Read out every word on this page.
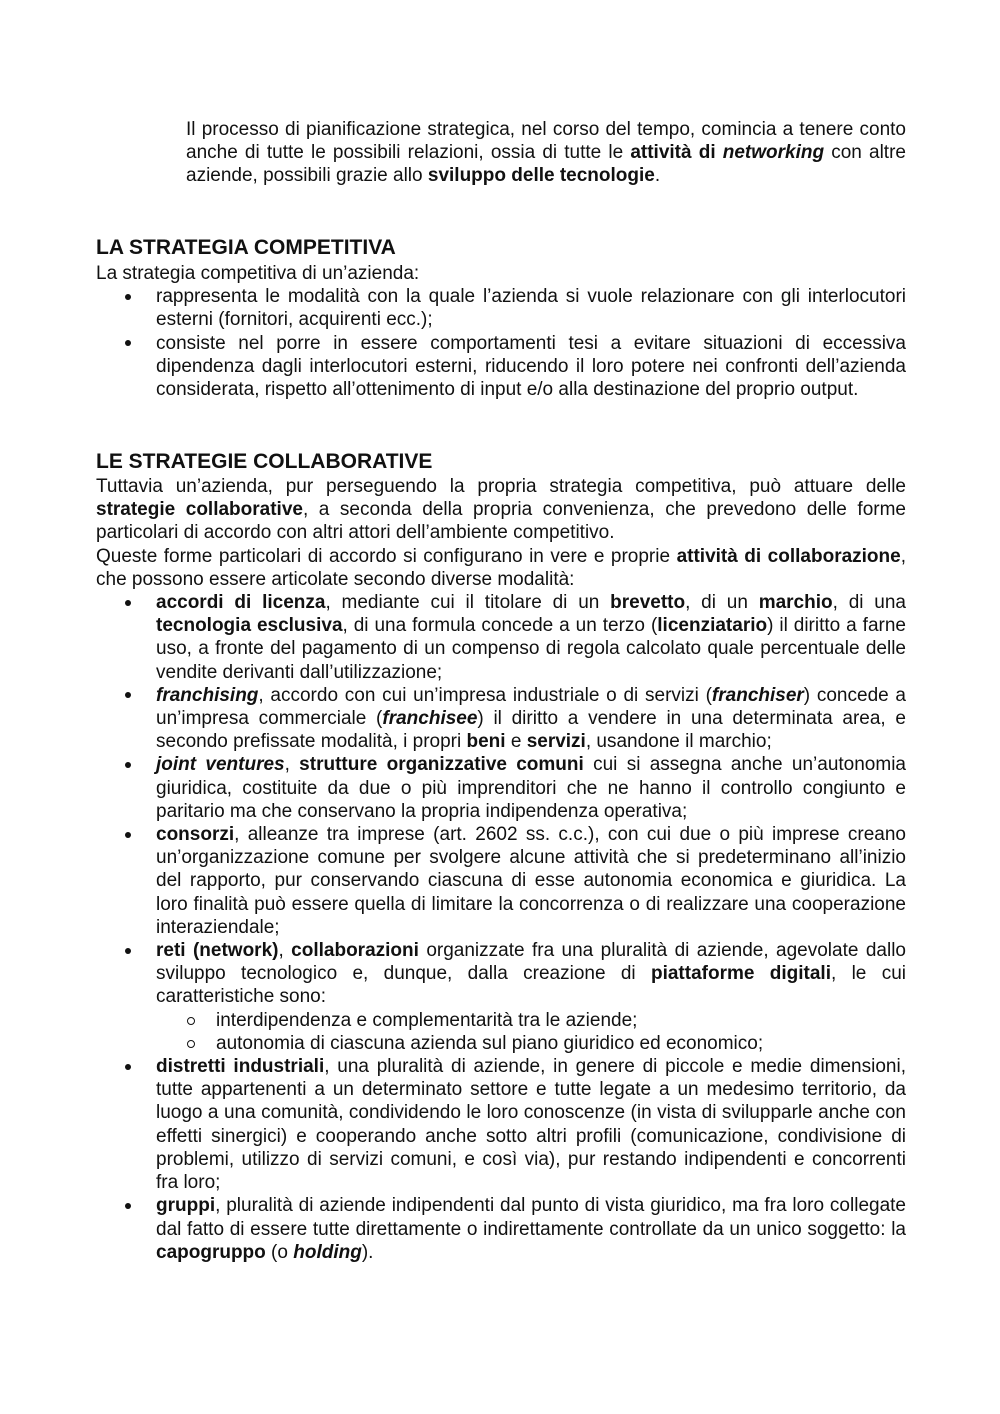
Il processo di pianificazione strategica, nel corso del tempo, comincia a tenere conto anche di tutte le possibili relazioni, ossia di tutte le attività di networking con altre aziende, possibili grazie allo sviluppo delle tecnologie.

LA STRATEGIA COMPETITIVA

La strategia competitiva di un’azienda:

rappresenta le modalità con la quale l’azienda si vuole relazionare con gli interlocutori esterni (fornitori, acquirenti ecc.);
consiste nel porre in essere comportamenti tesi a evitare situazioni di eccessiva dipendenza dagli interlocutori esterni, riducendo il loro potere nei confronti dell’azienda considerata, rispetto all’ottenimento di input e/o alla destinazione del proprio output.
LE STRATEGIE COLLABORATIVE

Tuttavia un’azienda, pur perseguendo la propria strategia competitiva, può attuare delle strategie collaborative, a seconda della propria convenienza, che prevedono delle forme particolari di accordo con altri attori dell’ambiente competitivo.

Queste forme particolari di accordo si configurano in vere e proprie attività di collaborazione, che possono essere articolate secondo diverse modalità:

accordi di licenza, mediante cui il titolare di un brevetto, di un marchio, di una tecnologia esclusiva, di una formula concede a un terzo (licenziatario) il diritto a farne uso, a fronte del pagamento di un compenso di regola calcolato quale percentuale delle vendite derivanti dall’utilizzazione;
franchising, accordo con cui un’impresa industriale o di servizi (franchiser) concede a un’impresa commerciale (franchisee) il diritto a vendere in una determinata area, e secondo prefissate modalità, i propri beni e servizi, usandone il marchio;
joint ventures, strutture organizzative comuni cui si assegna anche un’autonomia giuridica, costituite da due o più imprenditori che ne hanno il controllo congiunto e paritario ma che conservano la propria indipendenza operativa;
consorzi, alleanze tra imprese (art. 2602 ss. c.c.), con cui due o più imprese creano un’organizzazione comune per svolgere alcune attività che si predeterminano all’inizio del rapporto, pur conservando ciascuna di esse autonomia economica e giuridica. La loro finalità può essere quella di limitare la concorrenza o di realizzare una cooperazione interaziendale;
reti (network), collaborazioni organizzate fra una pluralità di aziende, agevolate dallo sviluppo tecnologico e, dunque, dalla creazione di piattaforme digitali, le cui caratteristiche sono:
interdipendenza e complementarità tra le aziende;
autonomia di ciascuna azienda sul piano giuridico ed economico;
distretti industriali, una pluralità di aziende, in genere di piccole e medie dimensioni, tutte appartenenti a un determinato settore e tutte legate a un medesimo territorio, da luogo a una comunità, condividendo le loro conoscenze (in vista di svilupparle anche con effetti sinergici) e cooperando anche sotto altri profili (comunicazione, condivisione di problemi, utilizzo di servizi comuni, e così via), pur restando indipendenti e concorrenti fra loro;
gruppi, pluralità di aziende indipendenti dal punto di vista giuridico, ma fra loro collegate dal fatto di essere tutte direttamente o indirettamente controllate da un unico soggetto: la capogruppo (o holding).
